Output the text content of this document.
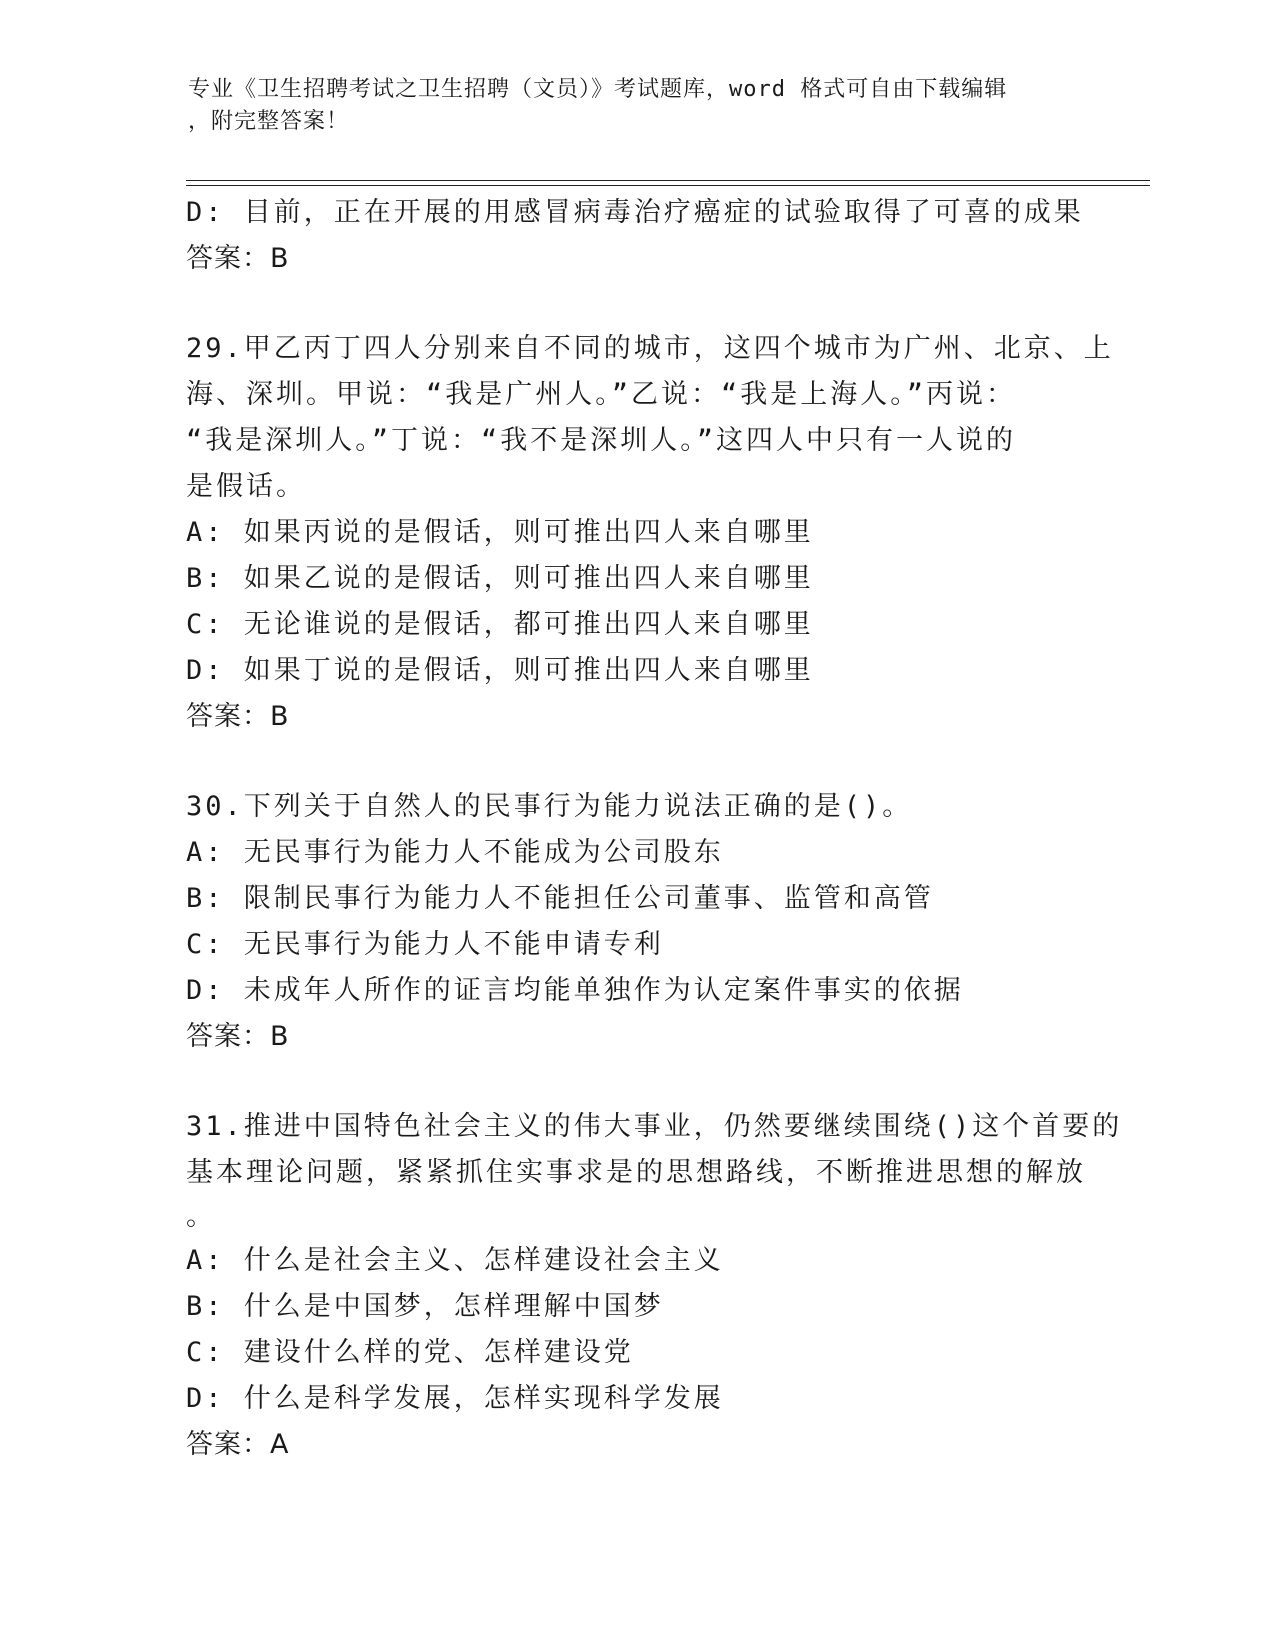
专业《卫生招聘考试之卫生招聘（文员）》考试题库，word 格式可自由下载编辑
，附完整答案！
D: 目前，正在开展的用感冒病毒治疗癌症的试验取得了可喜的成果
答案：B
29.甲乙丙丁四人分别来自不同的城市，这四个城市为广州、北京、上
海、深圳。甲说：“我是广州人。”乙说：“我是上海人。”丙说：
“我是深圳人。”丁说：“我不是深圳人。”这四人中只有一人说的
是假话。
A: 如果丙说的是假话，则可推出四人来自哪里
B: 如果乙说的是假话，则可推出四人来自哪里
C: 无论谁说的是假话，都可推出四人来自哪里
D: 如果丁说的是假话，则可推出四人来自哪里
答案：B
30.下列关于自然人的民事行为能力说法正确的是()。
A: 无民事行为能力人不能成为公司股东
B: 限制民事行为能力人不能担任公司董事、监管和高管
C: 无民事行为能力人不能申请专利
D: 未成年人所作的证言均能单独作为认定案件事实的依据
答案：B
31.推进中国特色社会主义的伟大事业，仍然要继续围绕()这个首要的
基本理论问题，紧紧抓住实事求是的思想路线，不断推进思想的解放
。
A: 什么是社会主义、怎样建设社会主义
B: 什么是中国梦，怎样理解中国梦
C: 建设什么样的党、怎样建设党
D: 什么是科学发展，怎样实现科学发展
答案：A
